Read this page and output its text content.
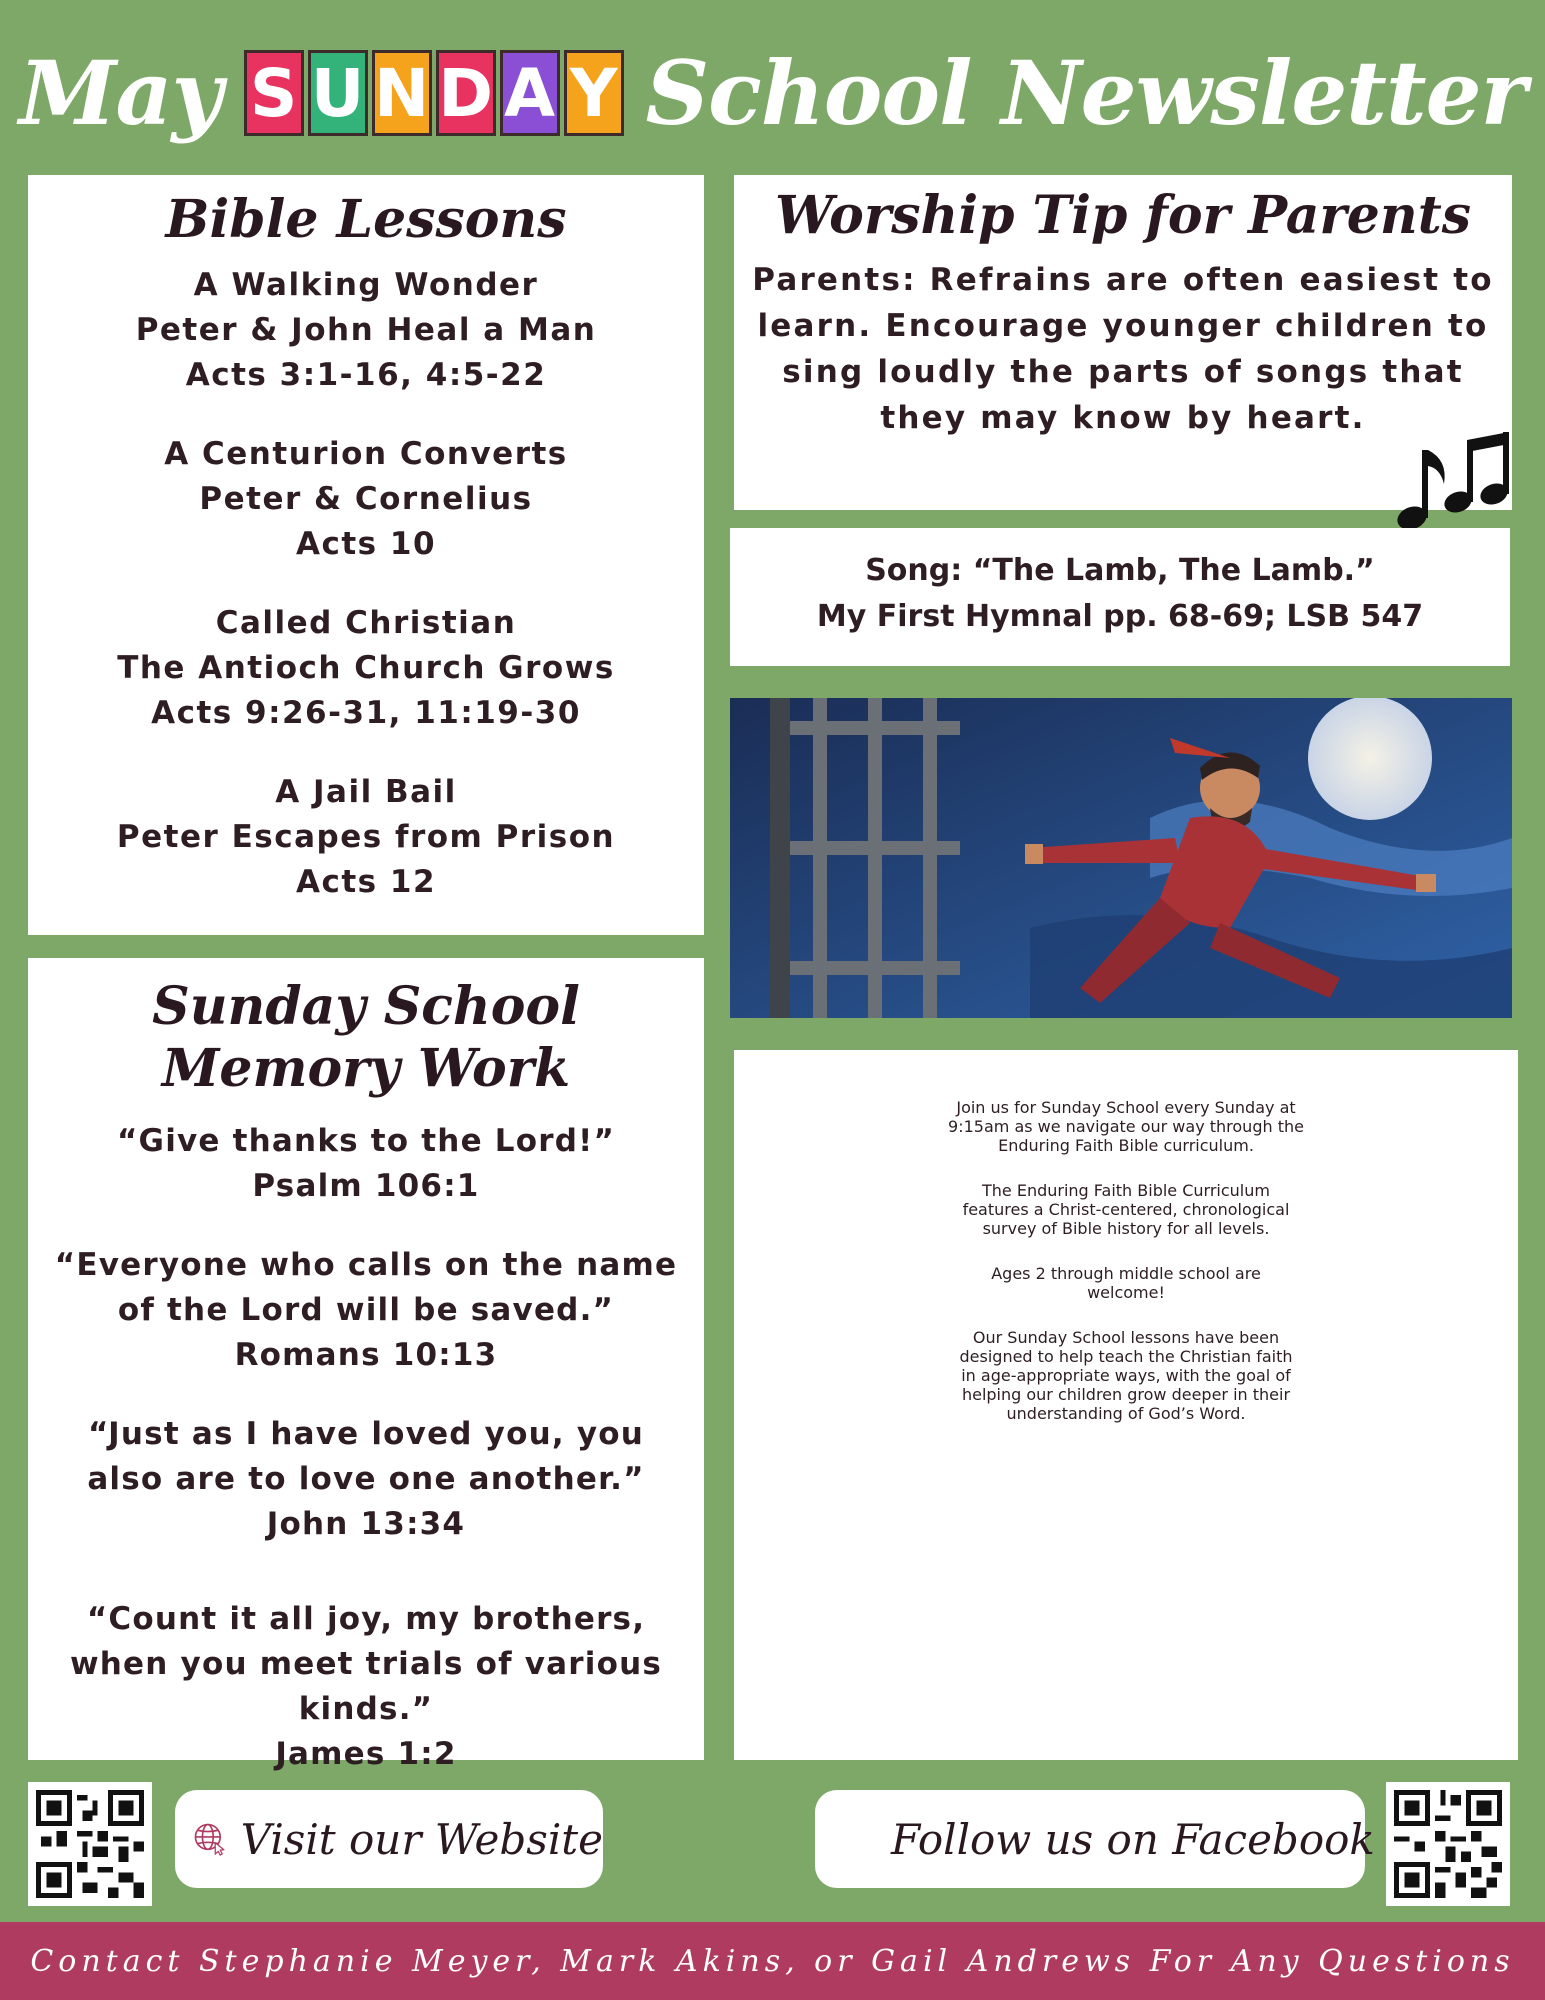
May S U N D A Y School Newsletter
Bible Lessons
A Walking Wonder
Peter & John Heal a Man
Acts 3:1-16, 4:5-22
A Centurion Converts
Peter & Cornelius
Acts 10
Called Christian
The Antioch Church Grows
Acts 9:26-31, 11:19-30
A Jail Bail
Peter Escapes from Prison
Acts 12
Worship Tip for Parents
Parents: Refrains are often easiest to
learn. Encourage younger children to
sing loudly the parts of songs that
they may know by heart.
Song: “The Lamb, The Lamb.”
My First Hymnal pp. 68-69; LSB 547
Sunday School Memory Work
“Give thanks to the Lord!”
Psalm 106:1
“Everyone who calls on the name
of the Lord will be saved.”
Romans 10:13
“Just as I have loved you, you
also are to love one another.”
John 13:34
“Count it all joy, my brothers,
when you meet trials of various
kinds.”
James 1:2

Join us for Sunday School every Sunday at
9:15am as we navigate our way through the
Enduring Faith Bible curriculum.

The Enduring Faith Bible Curriculum
features a Christ-centered, chronological
survey of Bible history for all levels.

Ages 2 through middle school are
welcome!

Our Sunday School lessons have been
designed to help teach the Christian faith
in age-appropriate ways, with the goal of
helping our children grow deeper in their
understanding of God’s Word.

Visit our Website	Follow us on Facebook
Contact Stephanie Meyer, Mark Akins, or Gail Andrews For Any Questions
